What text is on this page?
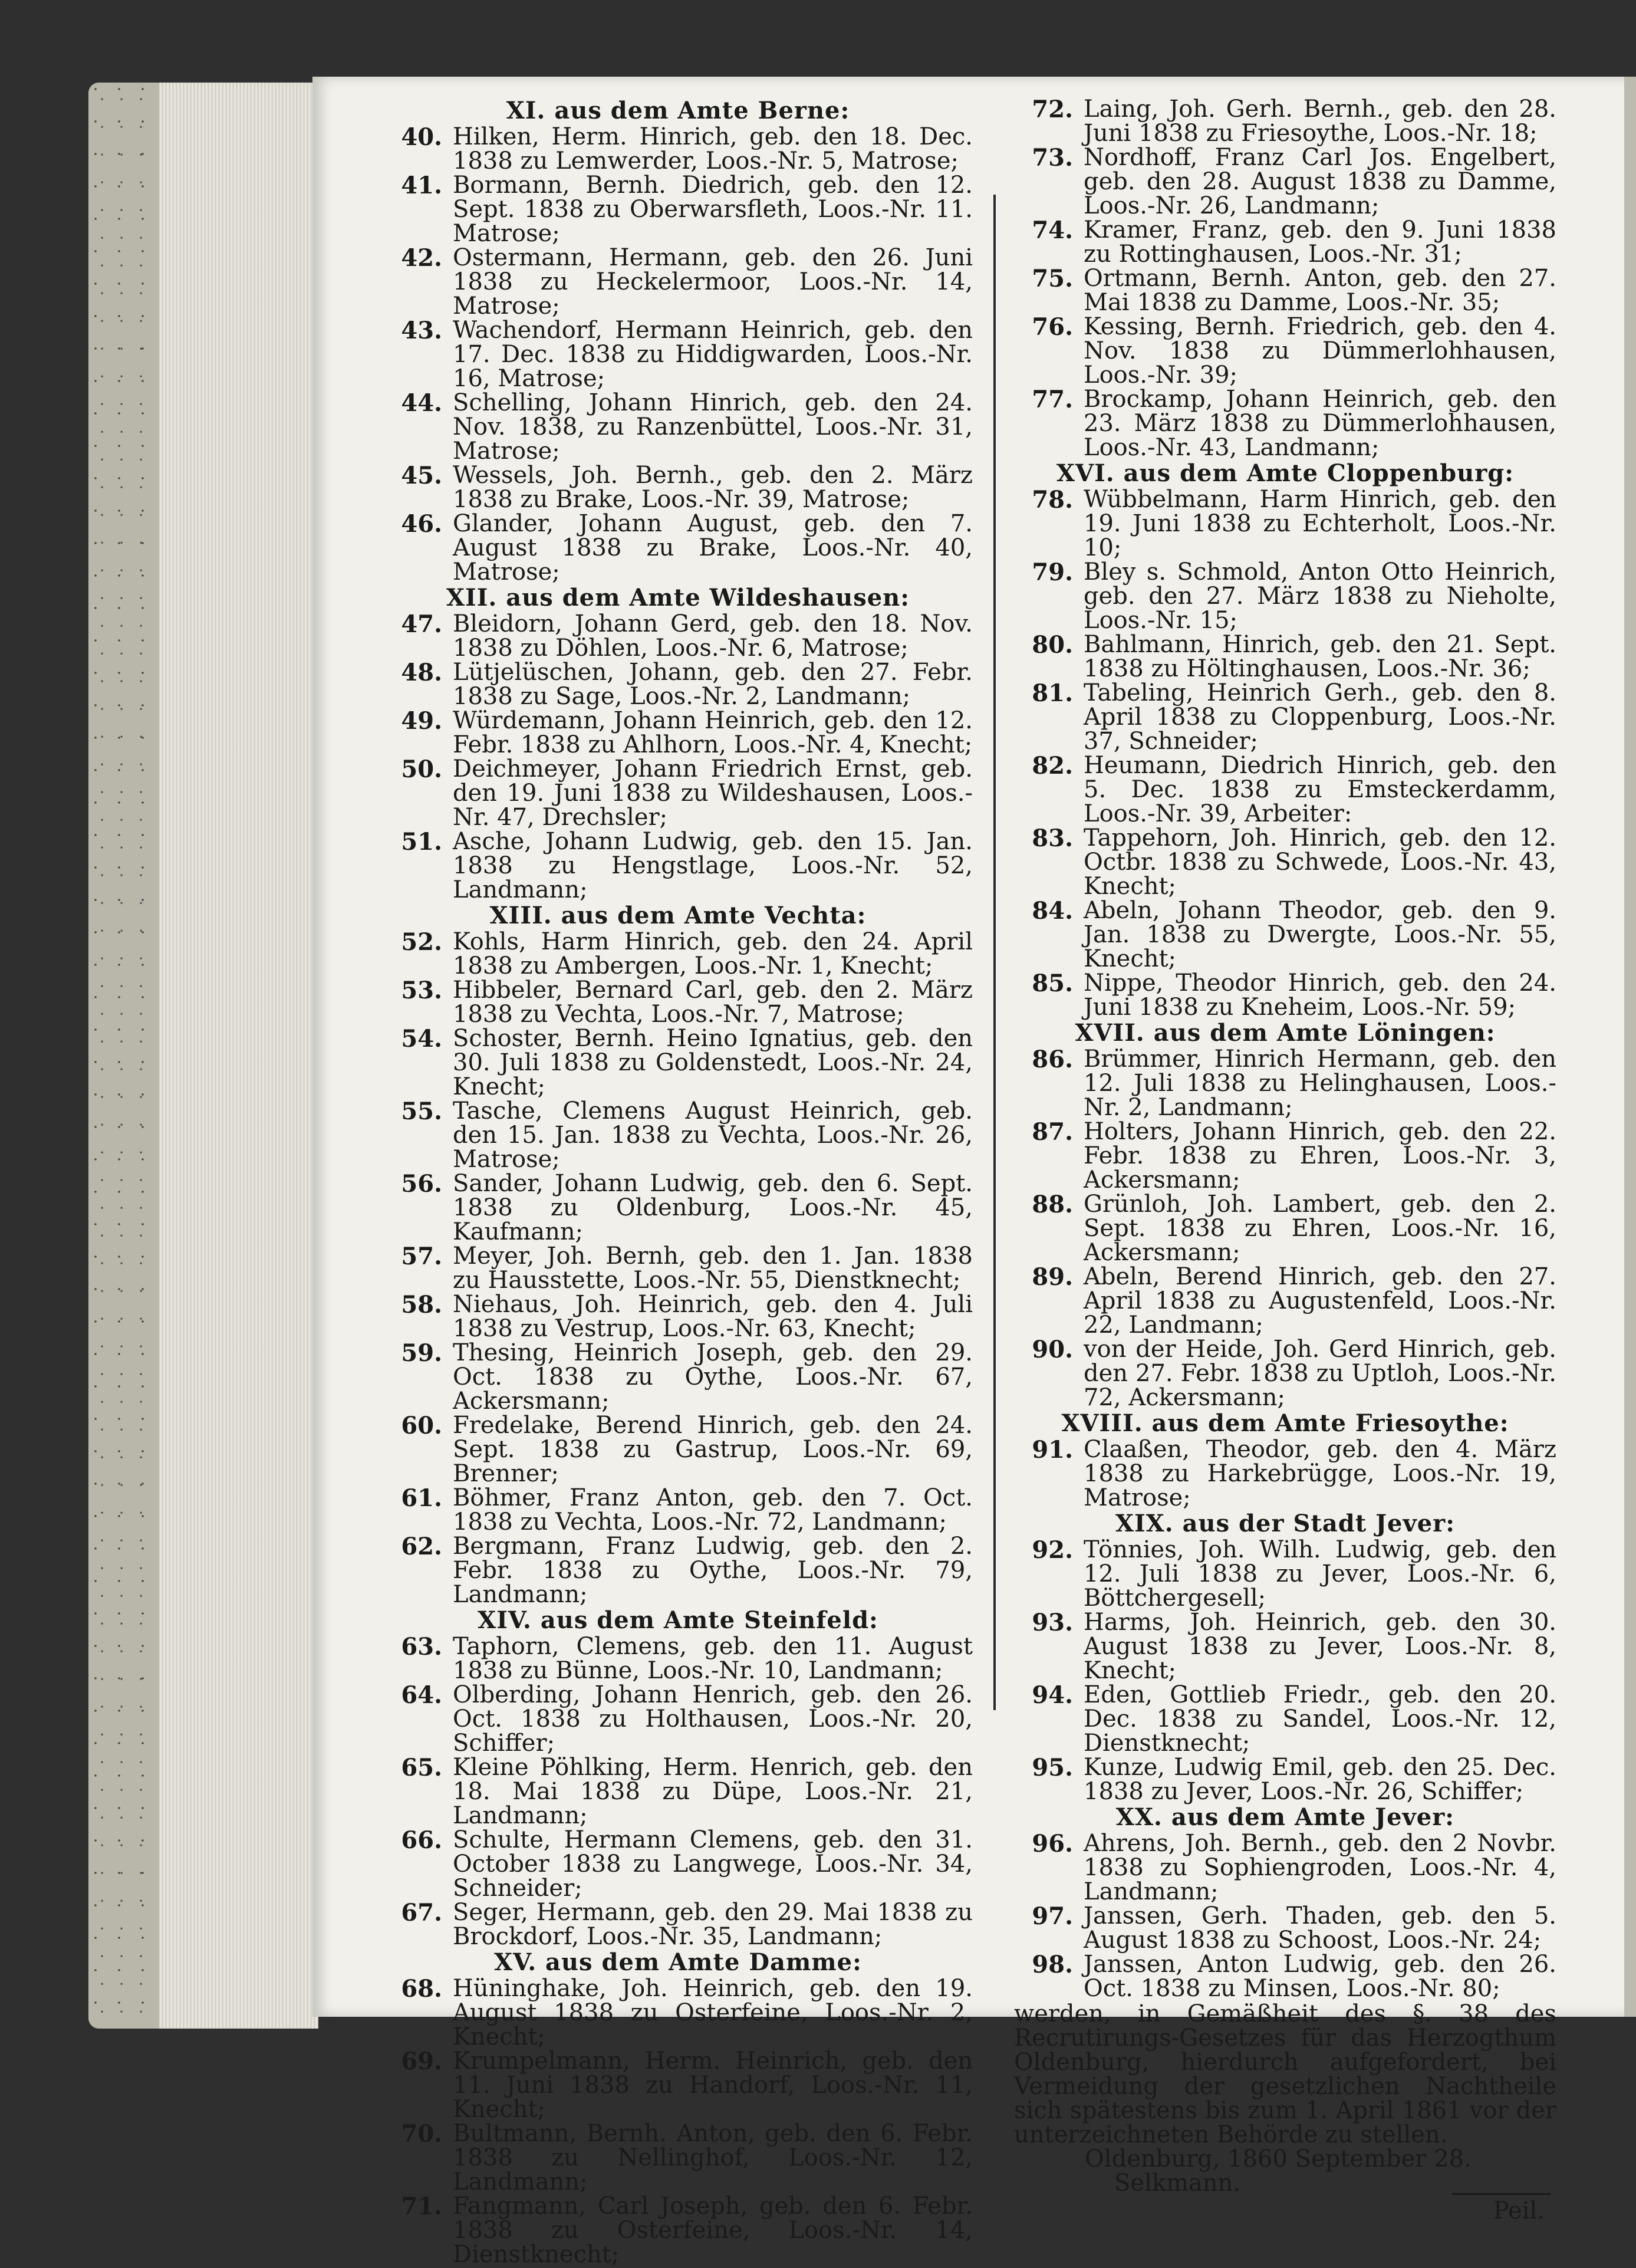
XI. aus dem Amte Berne:
40. Hilken, Herm. Hinrich, geb. den 18. Dec. 1838 zu Lemwerder, Loos.-Nr. 5, Matrose;
41. Bormann, Bernh. Diedrich, geb. den 12. Sept. 1838 zu Oberwarsfleth, Loos.-Nr. 11. Matrose;
42. Ostermann, Hermann, geb. den 26. Juni 1838 zu Heckelermoor, Loos.-Nr. 14, Matrose;
43. Wachendorf, Hermann Heinrich, geb. den 17. Dec. 1838 zu Hiddigwarden, Loos.-Nr. 16, Matrose;
44. Schelling, Johann Hinrich, geb. den 24. Nov. 1838, zu Ranzenbüttel, Loos.-Nr. 31, Matrose;
45. Wessels, Joh. Bernh., geb. den 2. März 1838 zu Brake, Loos.-Nr. 39, Matrose;
46. Glander, Johann August, geb. den 7. August 1838 zu Brake, Loos.-Nr. 40, Matrose;
XII. aus dem Amte Wildeshausen:
47. Bleidorn, Johann Gerd, geb. den 18. Nov. 1838 zu Döhlen, Loos.-Nr. 6, Matrose;
48. Lütjelüschen, Johann, geb. den 27. Febr. 1838 zu Sage, Loos.-Nr. 2, Landmann;
49. Würdemann, Johann Heinrich, geb. den 12. Febr. 1838 zu Ahlhorn, Loos.-Nr. 4, Knecht;
50. Deichmeyer, Johann Friedrich Ernst, geb. den 19. Juni 1838 zu Wildeshausen, Loos.-Nr. 47, Drechsler;
51. Asche, Johann Ludwig, geb. den 15. Jan. 1838 zu Hengstlage, Loos.-Nr. 52, Landmann;
XIII. aus dem Amte Vechta:
52. Kohls, Harm Hinrich, geb. den 24. April 1838 zu Ambergen, Loos.-Nr. 1, Knecht;
53. Hibbeler, Bernard Carl, geb. den 2. März 1838 zu Vechta, Loos.-Nr. 7, Matrose;
54. Schoster, Bernh. Heino Ignatius, geb. den 30. Juli 1838 zu Goldenstedt, Loos.-Nr. 24, Knecht;
55. Tasche, Clemens August Heinrich, geb. den 15. Jan. 1838 zu Vechta, Loos.-Nr. 26, Matrose;
56. Sander, Johann Ludwig, geb. den 6. Sept. 1838 zu Oldenburg, Loos.-Nr. 45, Kaufmann;
57. Meyer, Joh. Bernh, geb. den 1. Jan. 1838 zu Hausstette, Loos.-Nr. 55, Dienstknecht;
58. Niehaus, Joh. Heinrich, geb. den 4. Juli 1838 zu Vestrup, Loos.-Nr. 63, Knecht;
59. Thesing, Heinrich Joseph, geb. den 29. Oct. 1838 zu Oythe, Loos.-Nr. 67, Ackersmann;
60. Fredelake, Berend Hinrich, geb. den 24. Sept. 1838 zu Gastrup, Loos.-Nr. 69, Brenner;
61. Böhmer, Franz Anton, geb. den 7. Oct. 1838 zu Vechta, Loos.-Nr. 72, Landmann;
62. Bergmann, Franz Ludwig, geb. den 2. Febr. 1838 zu Oythe, Loos.-Nr. 79, Landmann;
XIV. aus dem Amte Steinfeld:
63. Taphorn, Clemens, geb. den 11. August 1838 zu Bünne, Loos.-Nr. 10, Landmann;
64. Olberding, Johann Henrich, geb. den 26. Oct. 1838 zu Holthausen, Loos.-Nr. 20, Schiffer;
65. Kleine Pöhlking, Herm. Henrich, geb. den 18. Mai 1838 zu Düpe, Loos.-Nr. 21, Landmann;
66. Schulte, Hermann Clemens, geb. den 31. October 1838 zu Langwege, Loos.-Nr. 34, Schneider;
67. Seger, Hermann, geb. den 29. Mai 1838 zu Brockdorf, Loos.-Nr. 35, Landmann;
XV. aus dem Amte Damme:
68. Hüninghake, Joh. Heinrich, geb. den 19. August 1838 zu Osterfeine, Loos.-Nr. 2, Knecht;
69. Krumpelmann, Herm. Heinrich, geb. den 11. Juni 1838 zu Handorf, Loos.-Nr. 11, Knecht;
70. Bultmann, Bernh. Anton, geb. den 6. Febr. 1838 zu Nellinghof, Loos.-Nr. 12, Landmann;
71. Fangmann, Carl Joseph, geb. den 6. Febr. 1838 zu Osterfeine, Loos.-Nr. 14, Dienstknecht;
72. Laing, Joh. Gerh. Bernh., geb. den 28. Juni 1838 zu Friesoythe, Loos.-Nr. 18;
73. Nordhoff, Franz Carl Jos. Engelbert, geb. den 28. August 1838 zu Damme, Loos.-Nr. 26, Landmann;
74. Kramer, Franz, geb. den 9. Juni 1838 zu Rottinghausen, Loos.-Nr. 31;
75. Ortmann, Bernh. Anton, geb. den 27. Mai 1838 zu Damme, Loos.-Nr. 35;
76. Kessing, Bernh. Friedrich, geb. den 4. Nov. 1838 zu Dümmerlohhausen, Loos.-Nr. 39;
77. Brockamp, Johann Heinrich, geb. den 23. März 1838 zu Dümmerlohhausen, Loos.-Nr. 43, Landmann;
XVI. aus dem Amte Cloppenburg:
78. Wübbelmann, Harm Hinrich, geb. den 19. Juni 1838 zu Echterholt, Loos.-Nr. 10;
79. Bley s. Schmold, Anton Otto Heinrich, geb. den 27. März 1838 zu Nieholte, Loos.-Nr. 15;
80. Bahlmann, Hinrich, geb. den 21. Sept. 1838 zu Höltinghausen, Loos.-Nr. 36;
81. Tabeling, Heinrich Gerh., geb. den 8. April 1838 zu Cloppenburg, Loos.-Nr. 37, Schneider;
82. Heumann, Diedrich Hinrich, geb. den 5. Dec. 1838 zu Emsteckerdamm, Loos.-Nr. 39, Arbeiter:
83. Tappehorn, Joh. Hinrich, geb. den 12. Octbr. 1838 zu Schwede, Loos.-Nr. 43, Knecht;
84. Abeln, Johann Theodor, geb. den 9. Jan. 1838 zu Dwergte, Loos.-Nr. 55, Knecht;
85. Nippe, Theodor Hinrich, geb. den 24. Juni 1838 zu Kneheim, Loos.-Nr. 59;
XVII. aus dem Amte Löningen:
86. Brümmer, Hinrich Hermann, geb. den 12. Juli 1838 zu Helinghausen, Loos.-Nr. 2, Landmann;
87. Holters, Johann Hinrich, geb. den 22. Febr. 1838 zu Ehren, Loos.-Nr. 3, Ackersmann;
88. Grünloh, Joh. Lambert, geb. den 2. Sept. 1838 zu Ehren, Loos.-Nr. 16, Ackersmann;
89. Abeln, Berend Hinrich, geb. den 27. April 1838 zu Augustenfeld, Loos.-Nr. 22, Landmann;
90. von der Heide, Joh. Gerd Hinrich, geb. den 27. Febr. 1838 zu Uptloh, Loos.-Nr. 72, Ackersmann;
XVIII. aus dem Amte Friesoythe:
91. Claaßen, Theodor, geb. den 4. März 1838 zu Harkebrügge, Loos.-Nr. 19, Matrose;
XIX. aus der Stadt Jever:
92. Tönnies, Joh. Wilh. Ludwig, geb. den 12. Juli 1838 zu Jever, Loos.-Nr. 6, Böttchergesell;
93. Harms, Joh. Heinrich, geb. den 30. August 1838 zu Jever, Loos.-Nr. 8, Knecht;
94. Eden, Gottlieb Friedr., geb. den 20. Dec. 1838 zu Sandel, Loos.-Nr. 12, Dienstknecht;
95. Kunze, Ludwig Emil, geb. den 25. Dec. 1838 zu Jever, Loos.-Nr. 26, Schiffer;
XX. aus dem Amte Jever:
96. Ahrens, Joh. Bernh., geb. den 2 Novbr. 1838 zu Sophiengroden, Loos.-Nr. 4, Landmann;
97. Janssen, Gerh. Thaden, geb. den 5. August 1838 zu Schoost, Loos.-Nr. 24;
98. Janssen, Anton Ludwig, geb. den 26. Oct. 1838 zu Minsen, Loos.-Nr. 80;
werden, in Gemäßheit des §. 38 des Recrutirungs-Gesetzes für das Herzogthum Oldenburg, hierdurch aufgefordert, bei Vermeidung der gesetzlichen Nachtheile sich spätestens bis zum 1. April 1861 vor der unterzeichneten Behörde zu stellen.
Oldenburg, 1860 September 28.
Selkmann.
Peil.
